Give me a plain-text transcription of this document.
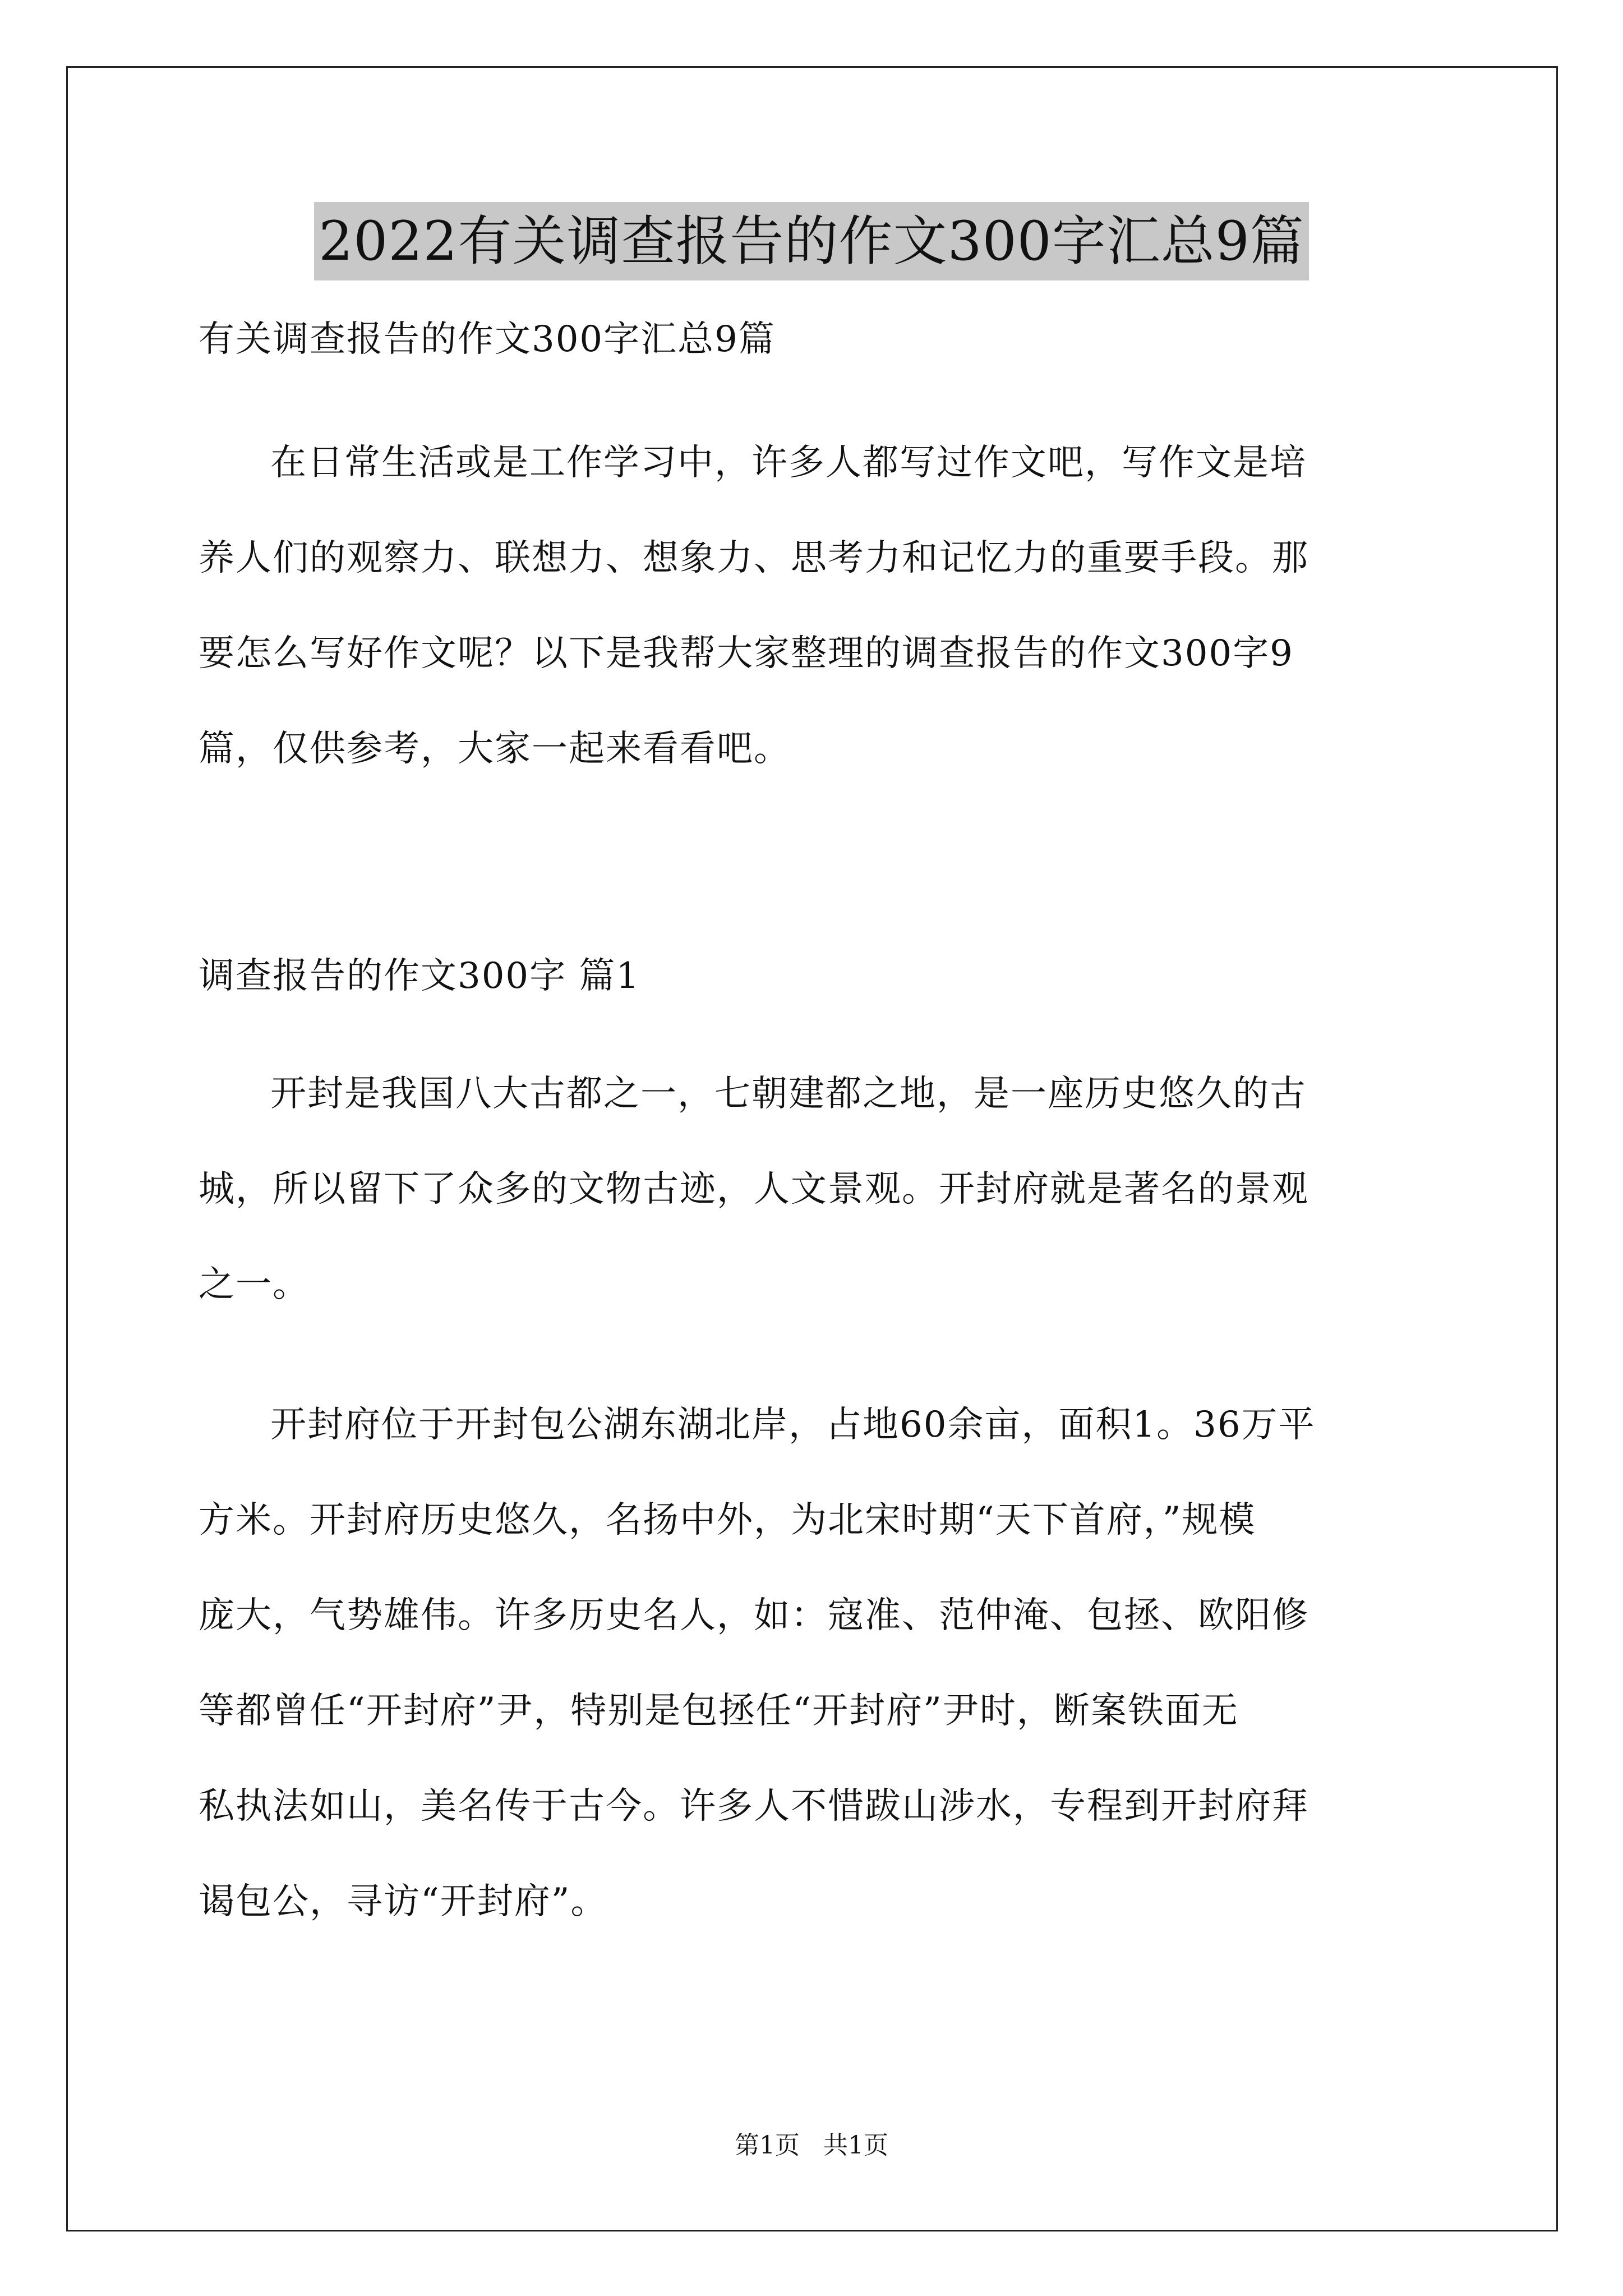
2022有关调查报告的作文300字汇总9篇
有关调查报告的作文300字汇总9篇
在日常生活或是工作学习中，许多人都写过作文吧，写作文是培
养人们的观察力、联想力、想象力、思考力和记忆力的重要手段。那
要怎么写好作文呢？以下是我帮大家整理的调查报告的作文300字9
篇，仅供参考，大家一起来看看吧。
调查报告的作文300字 篇1
开封是我国八大古都之一，七朝建都之地，是一座历史悠久的古
城，所以留下了众多的文物古迹，人文景观。开封府就是著名的景观
之一。
开封府位于开封包公湖东湖北岸，占地60余亩，面积1。36万平
方米。开封府历史悠久，名扬中外，为北宋时期“天下首府，”规模
庞大，气势雄伟。许多历史名人，如：寇准、范仲淹、包拯、欧阳修
等都曾任“开封府”尹，特别是包拯任“开封府”尹时，断案铁面无
私执法如山，美名传于古今。许多人不惜跋山涉水，专程到开封府拜
谒包公，寻访“开封府”。
第1页 共1页
